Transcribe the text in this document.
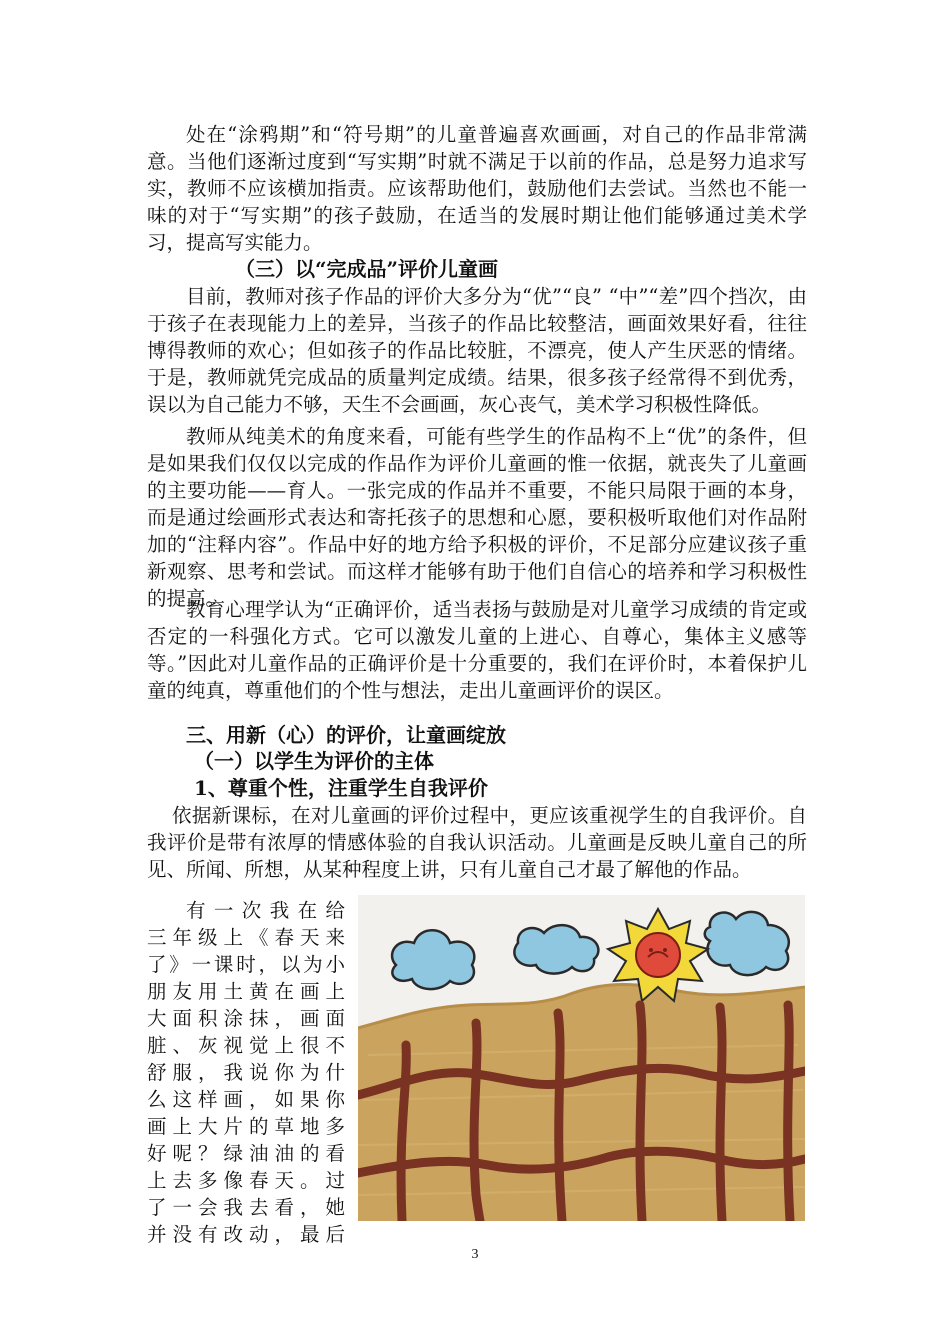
处在“涂鸦期”和“符号期”的儿童普遍喜欢画画，对自己的作品非常满意。当他们逐渐过度到“写实期”时就不满足于以前的作品，总是努力追求写实，教师不应该横加指责。应该帮助他们，鼓励他们去尝试。当然也不能一味的对于“写实期”的孩子鼓励，在适当的发展时期让他们能够通过美术学习，提高写实能力。

（三）以“完成品”评价儿童画

目前，教师对孩子作品的评价大多分为“优”“良” “中”“差”四个挡次，由于孩子在表现能力上的差异，当孩子的作品比较整洁，画面效果好看，往往博得教师的欢心；但如孩子的作品比较脏，不漂亮，使人产生厌恶的情绪。于是，教师就凭完成品的质量判定成绩。结果，很多孩子经常得不到优秀，误以为自己能力不够，天生不会画画，灰心丧气，美术学习积极性降低。

教师从纯美术的角度来看，可能有些学生的作品构不上“优”的条件，但是如果我们仅仅以完成的作品作为评价儿童画的惟一依据，就丧失了儿童画的主要功能——育人。一张完成的作品并不重要，不能只局限于画的本身，而是通过绘画形式表达和寄托孩子的思想和心愿，要积极听取他们对作品附加的“注释内容”。作品中好的地方给予积极的评价，不足部分应建议孩子重新观察、思考和尝试。而这样才能够有助于他们自信心的培养和学习积极性的提高。

教育心理学认为“正确评价，适当表扬与鼓励是对儿童学习成绩的肯定或否定的一科强化方式。它可以激发儿童的上进心、自尊心，集体主义感等等。”因此对儿童作品的正确评价是十分重要的，我们在评价时，本着保护儿童的纯真，尊重他们的个性与想法，走出儿童画评价的误区。

三、用新（心）的评价，让童画绽放

（一）以学生为评价的主体

1、尊重个性，注重学生自我评价

依据新课标，在对儿童画的评价过程中，更应该重视学生的自我评价。自我评价是带有浓厚的情感体验的自我认识活动。儿童画是反映儿童自己的所见、所闻、所想，从某种程度上讲，只有儿童自己才最了解他的作品。

有一次我在给

三年级上《春天来

了》一课时，以为小

朋友用土黄在画上

大面积涂抹，画面

脏、灰视觉上很不

舒服，我说你为什

么这样画，如果你

画上大片的草地多

好呢？绿油油的看

上去多像春天。过

了一会我去看，她

并没有改动，最后

3
